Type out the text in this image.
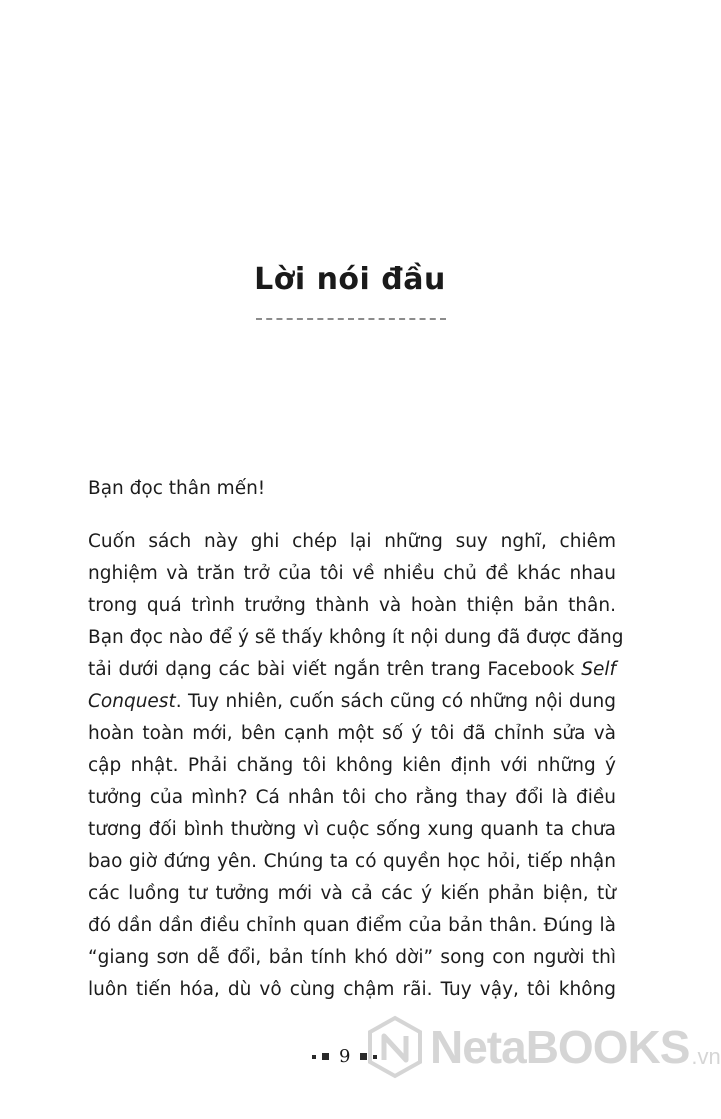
Lời nói đầu

Bạn đọc thân mến!

Cuốn sách này ghi chép lại những suy nghĩ, chiêm
nghiệm và trăn trở của tôi về nhiều chủ đề khác nhau
trong quá trình trưởng thành và hoàn thiện bản thân.
Bạn đọc nào để ý sẽ thấy không ít nội dung đã được đăng
tải dưới dạng các bài viết ngắn trên trang Facebook Self
Conquest. Tuy nhiên, cuốn sách cũng có những nội dung
hoàn toàn mới, bên cạnh một số ý tôi đã chỉnh sửa và
cập nhật. Phải chăng tôi không kiên định với những ý
tưởng của mình? Cá nhân tôi cho rằng thay đổi là điều
tương đối bình thường vì cuộc sống xung quanh ta chưa
bao giờ đứng yên. Chúng ta có quyền học hỏi, tiếp nhận
các luồng tư tưởng mới và cả các ý kiến phản biện, từ
đó dần dần điều chỉnh quan điểm của bản thân. Đúng là
“giang sơn dễ đổi, bản tính khó dời” song con người thì
luôn tiến hóa, dù vô cùng chậm rãi. Tuy vậy, tôi không
9 NetaBOOKS .vn
